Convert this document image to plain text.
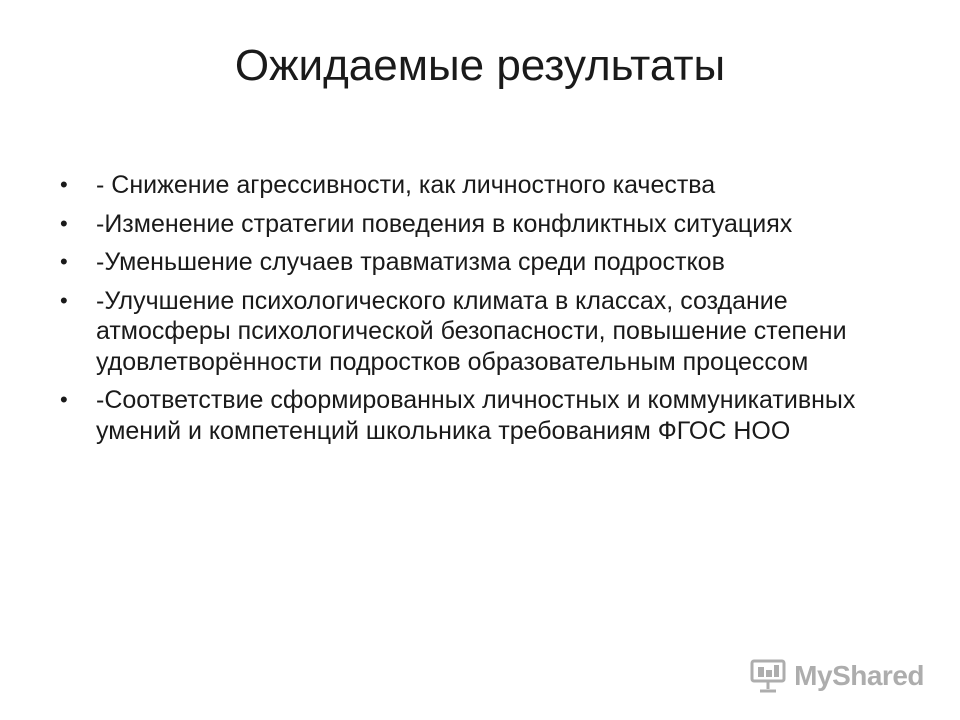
Ожидаемые результаты
•	- Снижение агрессивности, как личностного качества
•	-Изменение стратегии поведения в конфликтных ситуациях
•	-Уменьшение случаев травматизма среди подростков
•	-Улучшение психологического климата в классах, создание атмосферы психологической безопасности, повышение степени удовлетворённости подростков образовательным процессом
•	-Соответствие сформированных личностных и коммуникативных умений и компетенций школьника требованиям ФГОС НОО
MyShared
